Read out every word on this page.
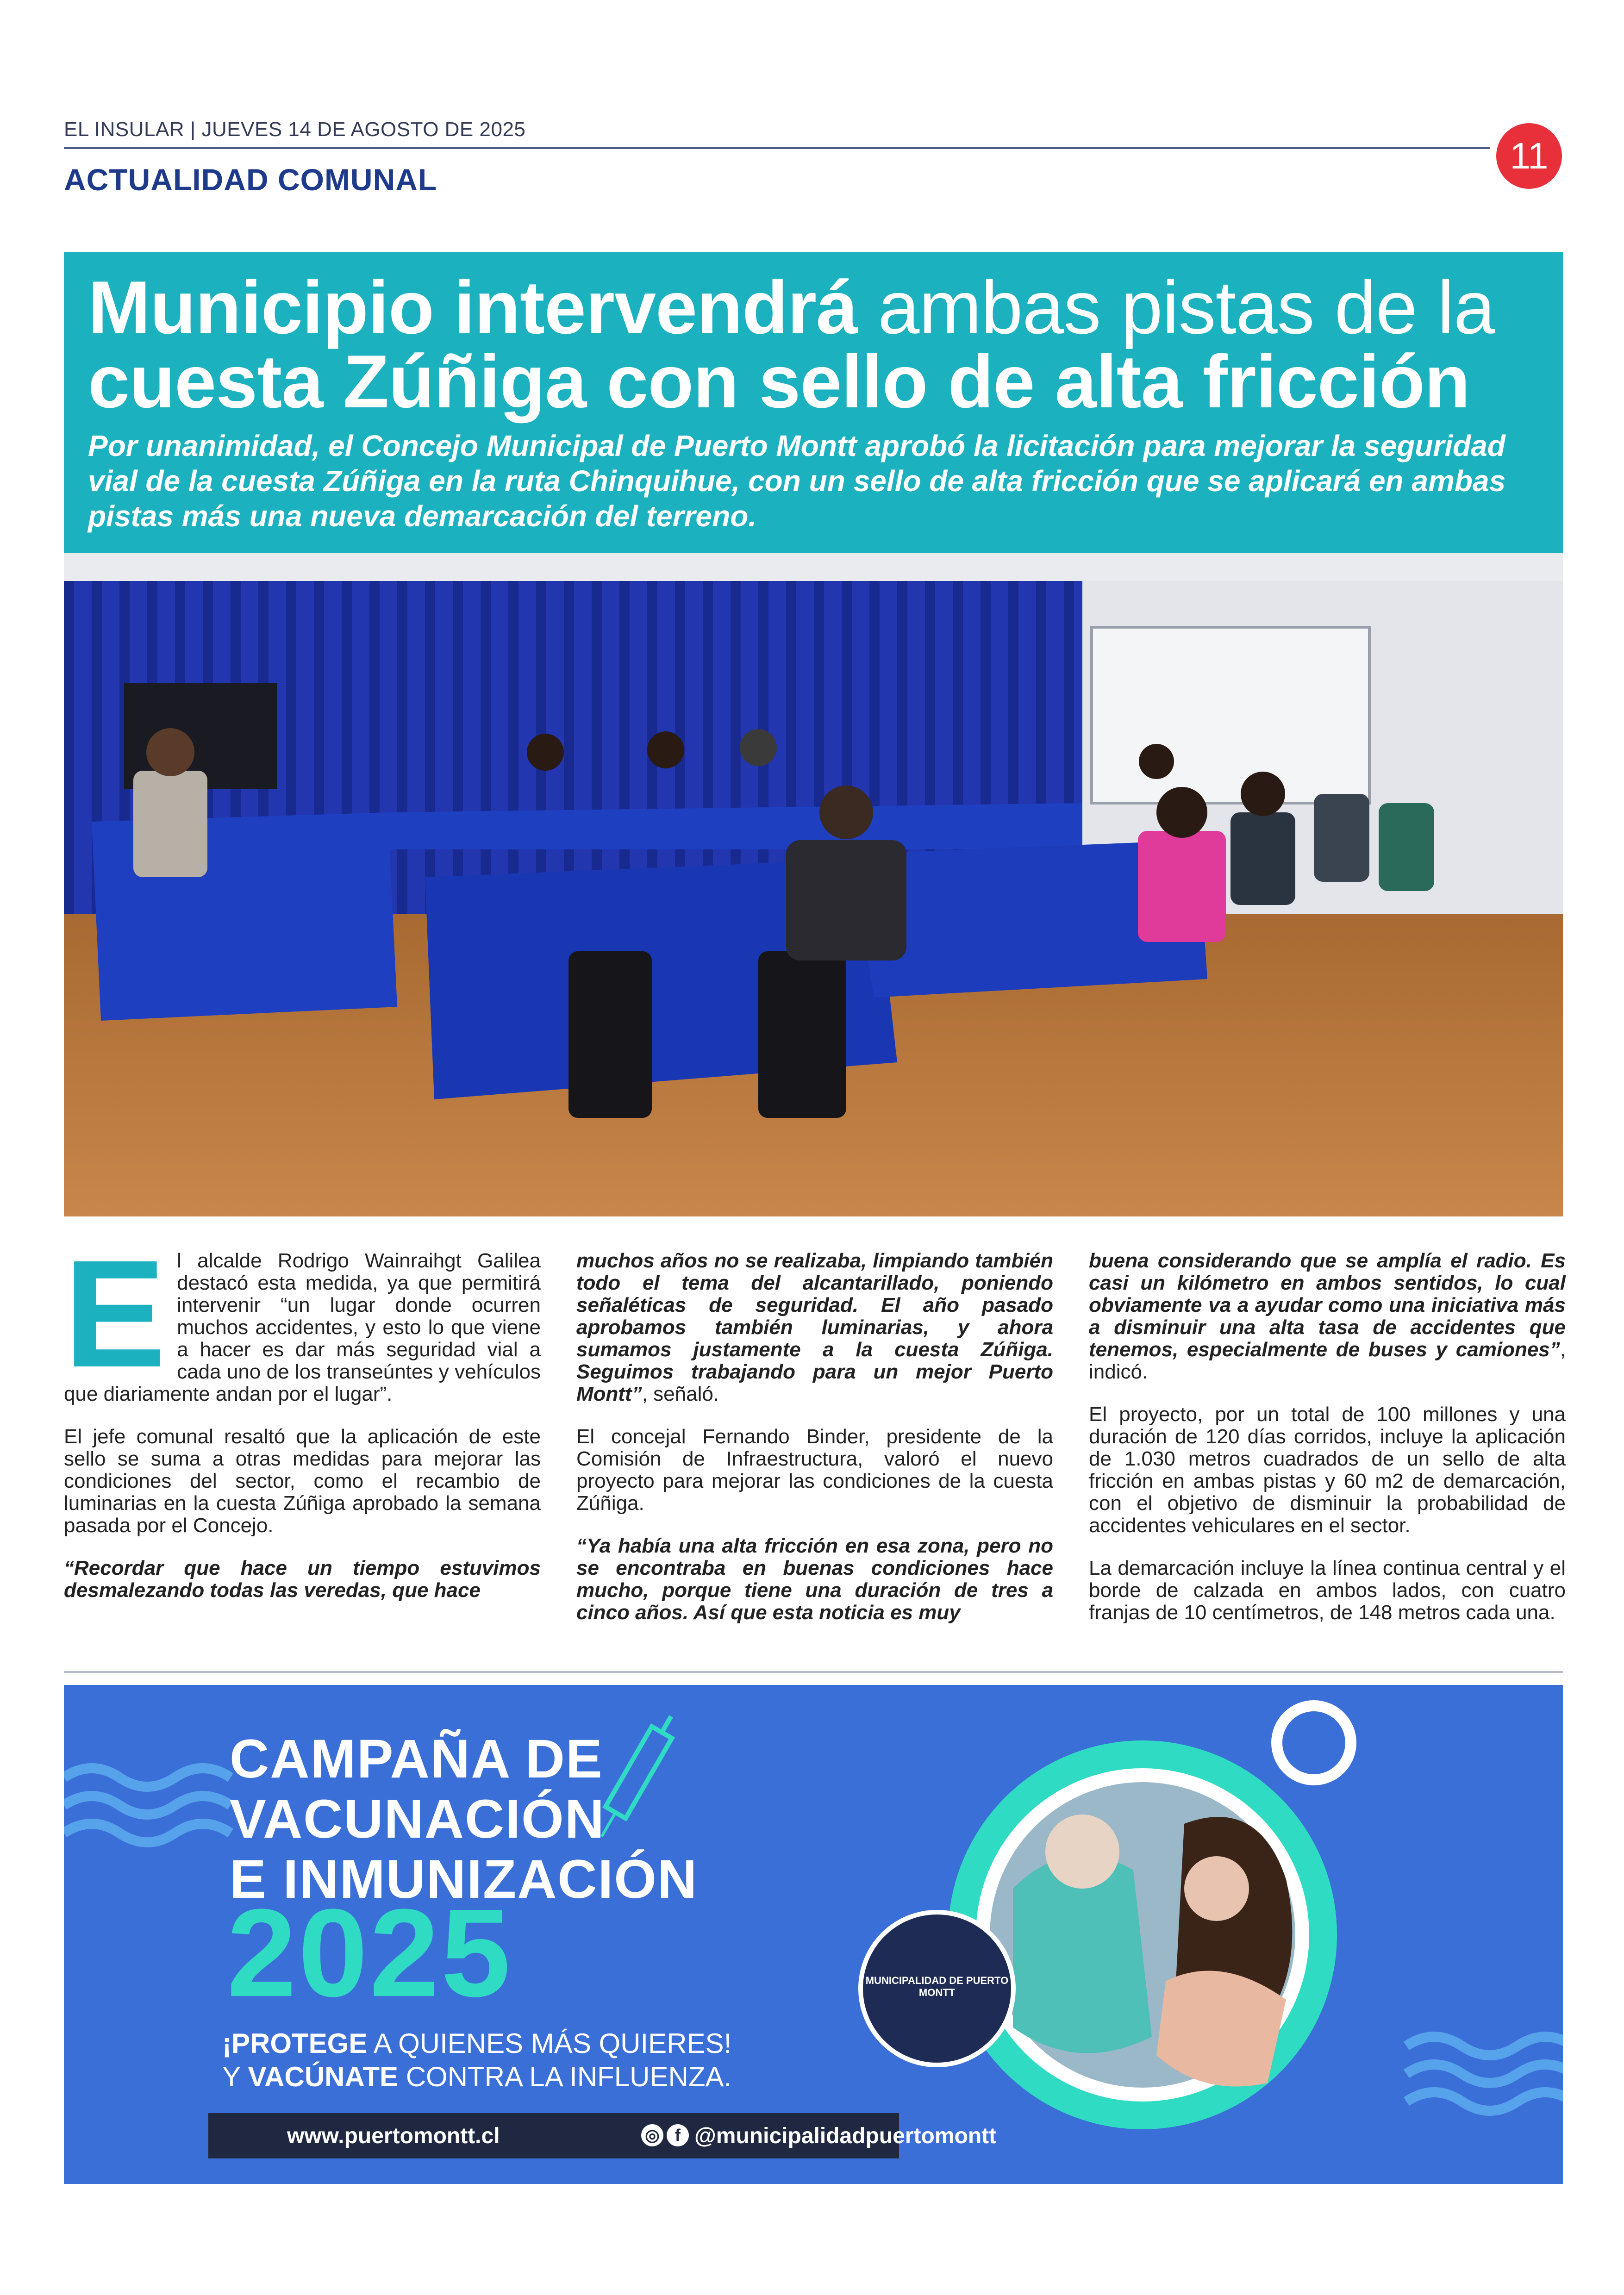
EL INSULAR | JUEVES 14 DE AGOSTO DE 2025
ACTUALIDAD COMUNAL
11
Municipio intervendrá ambas pistas de la
cuesta Zúñiga con sello de alta fricción
Por unanimidad, el Concejo Municipal de Puerto Montt aprobó la licitación para mejorar la seguridad vial de la cuesta Zúñiga en la ruta Chinquihue, con un sello de alta fricción que se aplicará en ambas pistas más una nueva demarcación del terreno.

El alcalde Rodrigo Wainraihgt Galilea destacó esta medida, ya que permitirá intervenir “un lugar donde ocurren muchos accidentes, y esto lo que viene a hacer es dar más seguridad vial a cada uno de los transeúntes y vehículos que diariamente andan por el lugar”.

El jefe comunal resaltó que la aplicación de este sello se suma a otras medidas para mejorar las condiciones del sector, como el recambio de luminarias en la cuesta Zúñiga aprobado la semana pasada por el Concejo.

“Recordar que hace un tiempo estuvimos desmalezando todas las veredas, que hace

muchos años no se realizaba, limpiando también todo el tema del alcantarillado, poniendo señaléticas de seguridad. El año pasado aprobamos también luminarias, y ahora sumamos justamente a la cuesta Zúñiga. Seguimos trabajando para un mejor Puerto Montt”, señaló.

El concejal Fernando Binder, presidente de la Comisión de Infraestructura, valoró el nuevo proyecto para mejorar las condiciones de la cuesta Zúñiga.

“Ya había una alta fricción en esa zona, pero no se encontraba en buenas condiciones hace mucho, porque tiene una duración de tres a cinco años. Así que esta noticia es muy

buena considerando que se amplía el radio. Es casi un kilómetro en ambos sentidos, lo cual obviamente va a ayudar como una iniciativa más a disminuir una alta tasa de accidentes que tenemos, especialmente de buses y camiones”, indicó.

El proyecto, por un total de 100 millones y una duración de 120 días corridos, incluye la aplicación de 1.030 metros cuadrados de un sello de alta fricción en ambas pistas y 60 m2 de demarcación, con el objetivo de disminuir la probabilidad de accidentes vehiculares en el sector.

La demarcación incluye la línea continua central y el borde de calzada en ambos lados, con cuatro franjas de 10 centímetros, de 148 metros cada una.

CAMPAÑA DE
VACUNACIÓN
E INMUNIZACIÓN
2025
¡PROTEGE A QUIENES MÁS QUIERES!
Y VACÚNATE CONTRA LA INFLUENZA.
www.puertomontt.cl	◎ f @municipalidadpuertomontt
MUNICIPALIDAD DE PUERTO MONTT
